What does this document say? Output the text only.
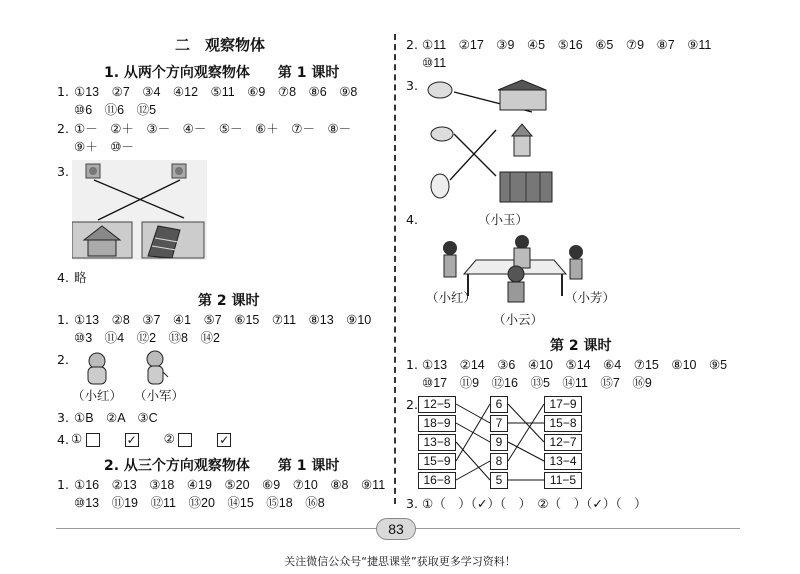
二　观察物体
1. 从两个方向观察物体　　第 1 课时
1. ①13　②7　③4　④12　⑤11　⑥9　⑦8　⑧6　⑨8
⑩6　⑪6　⑫5
2. ①－　②＋　③－　④－　⑤－　⑥＋　⑦－　⑧－
⑨＋　⑩－
3.
4. 略
第 2 课时
1. ①13　②8　③7　④1　⑤7　⑥15　⑦11　⑧13　⑨10
⑩3　⑪4　⑫2　⑬8　⑭2
2.
（小红） （小军）
3. ①B　②A　③C
4. ①	✓ ②	✓
2. 从三个方向观察物体　　第 1 课时
1. ①16　②13　③18　④19　⑤20　⑥9　⑦10　⑧8　⑨11
⑩13　⑪19　⑫11　⑬20　⑭15　⑮18　⑯8
2. ①11　②17　③9　④5　⑤16　⑥5　⑦9　⑧7　⑨11
⑩11
3.
4.	（小玉）
（小红）	（小芳）
（小云）
第 2 课时
1. ①13　②14　③6　④10　⑤14　⑥4　⑦15　⑧10　⑨5
⑩17　⑪9　⑫16　⑬5　⑭11　⑮7　⑯9
2. 12−5
18−9
13−8
15−9
16−8
6
7
9
8
5
17−9
15−8
12−7
13−4
11−5
3. ①（　）（✓）（　）　②（　）（✓）（　）
83
关注微信公众号“捷思课堂”获取更多学习资料！
